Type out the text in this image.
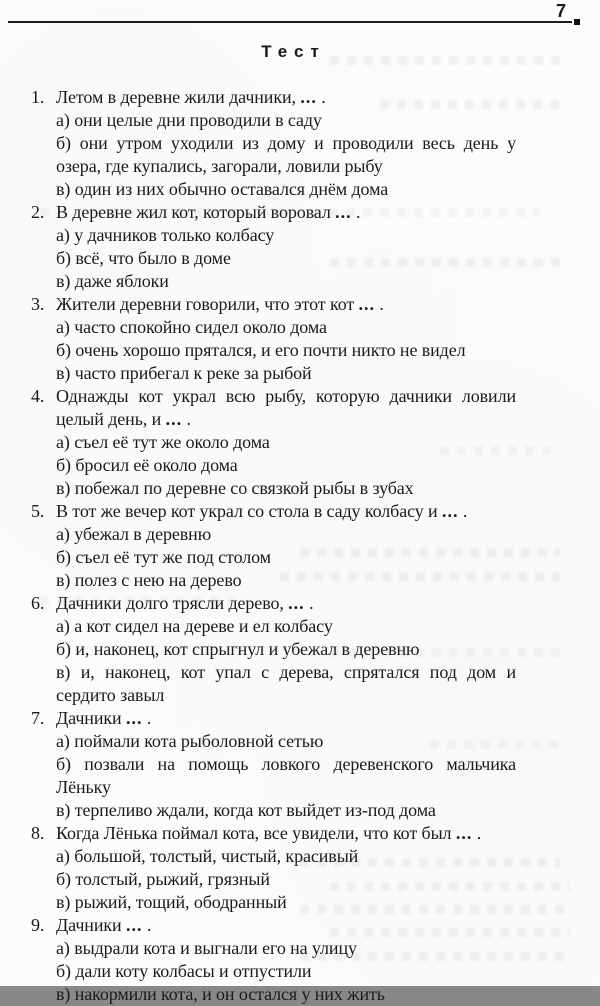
7
Тест
1. Летом в деревне жили дачники, ... .
а) они целые дни проводили в саду
б) они утром уходили из дому и проводили весь день у озера, где купались, загорали, ловили рыбу
в) один из них обычно оставался днём дома
2. В деревне жил кот, который воровал ... .
а) у дачников только колбасу
б) всё, что было в доме
в) даже яблоки
3. Жители деревни говорили, что этот кот ... .
а) часто спокойно сидел около дома
б) очень хорошо прятался, и его почти никто не видел
в) часто прибегал к реке за рыбой
4. Однажды кот украл всю рыбу, которую дачники ловили целый день, и ... .
а) съел её тут же около дома
б) бросил её около дома
в) побежал по деревне со связкой рыбы в зубах
5. В тот же вечер кот украл со стола в саду колбасу и ... .
а) убежал в деревню
б) съел её тут же под столом
в) полез с нею на дерево
6. Дачники долго трясли дерево, ... .
а) а кот сидел на дереве и ел колбасу
б) и, наконец, кот спрыгнул и убежал в деревню
в) и, наконец, кот упал с дерева, спрятался под дом и сердито завыл
7. Дачники ... .
а) поймали кота рыболовной сетью
б) позвали на помощь ловкого деревенского мальчика Лёньку
в) терпеливо ждали, когда кот выйдет из-под дома
8. Когда Лёнька поймал кота, все увидели, что кот был ... .
а) большой, толстый, чистый, красивый
б) толстый, рыжий, грязный
в) рыжий, тощий, ободранный
9. Дачники ... .
а) выдрали кота и выгнали его на улицу
б) дали коту колбасы и отпустили
в) накормили кота, и он остался у них жить
